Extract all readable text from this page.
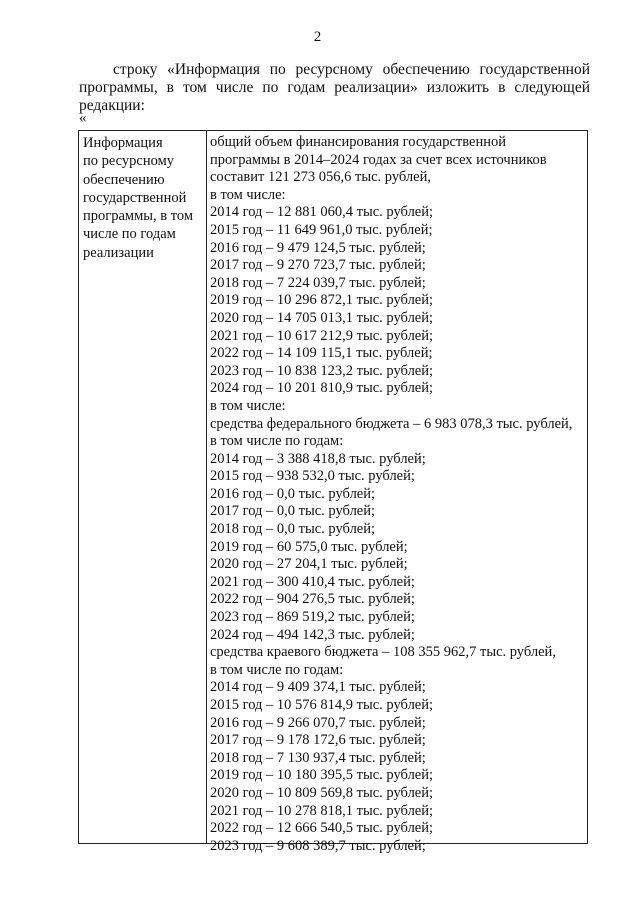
2
строку «Информация по ресурсному обеспечению государственной
программы, в том числе по годам реализации» изложить в следующей
редакции:
«
Информация
по ресурсному
обеспечению
государственной
программы, в том
числе по годам
реализации
общий объем финансирования государственной
программы в 2014–2024 годах за счет всех источников
составит 121 273 056,6 тыс. рублей,
в том числе:
2014 год – 12 881 060,4 тыс. рублей;
2015 год – 11 649 961,0 тыс. рублей;
2016 год – 9 479 124,5 тыс. рублей;
2017 год – 9 270 723,7 тыс. рублей;
2018 год – 7 224 039,7 тыс. рублей;
2019 год – 10 296 872,1 тыс. рублей;
2020 год – 14 705 013,1 тыс. рублей;
2021 год – 10 617 212,9 тыс. рублей;
2022 год – 14 109 115,1 тыс. рублей;
2023 год – 10 838 123,2 тыс. рублей;
2024 год – 10 201 810,9 тыс. рублей;
в том числе:
средства федерального бюджета – 6 983 078,3 тыс. рублей,
в том числе по годам:
2014 год – 3 388 418,8 тыс. рублей;
2015 год – 938 532,0 тыс. рублей;
2016 год – 0,0 тыс. рублей;
2017 год – 0,0 тыс. рублей;
2018 год – 0,0 тыс. рублей;
2019 год – 60 575,0 тыс. рублей;
2020 год – 27 204,1 тыс. рублей;
2021 год – 300 410,4 тыс. рублей;
2022 год – 904 276,5 тыс. рублей;
2023 год – 869 519,2 тыс. рублей;
2024 год – 494 142,3 тыс. рублей;
средства краевого бюджета – 108 355 962,7 тыс. рублей,
в том числе по годам:
2014 год – 9 409 374,1 тыс. рублей;
2015 год – 10 576 814,9 тыс. рублей;
2016 год – 9 266 070,7 тыс. рублей;
2017 год – 9 178 172,6 тыс. рублей;
2018 год – 7 130 937,4 тыс. рублей;
2019 год – 10 180 395,5 тыс. рублей;
2020 год – 10 809 569,8 тыс. рублей;
2021 год – 10 278 818,1 тыс. рублей;
2022 год – 12 666 540,5 тыс. рублей;
2023 год – 9 608 389,7 тыс. рублей;
